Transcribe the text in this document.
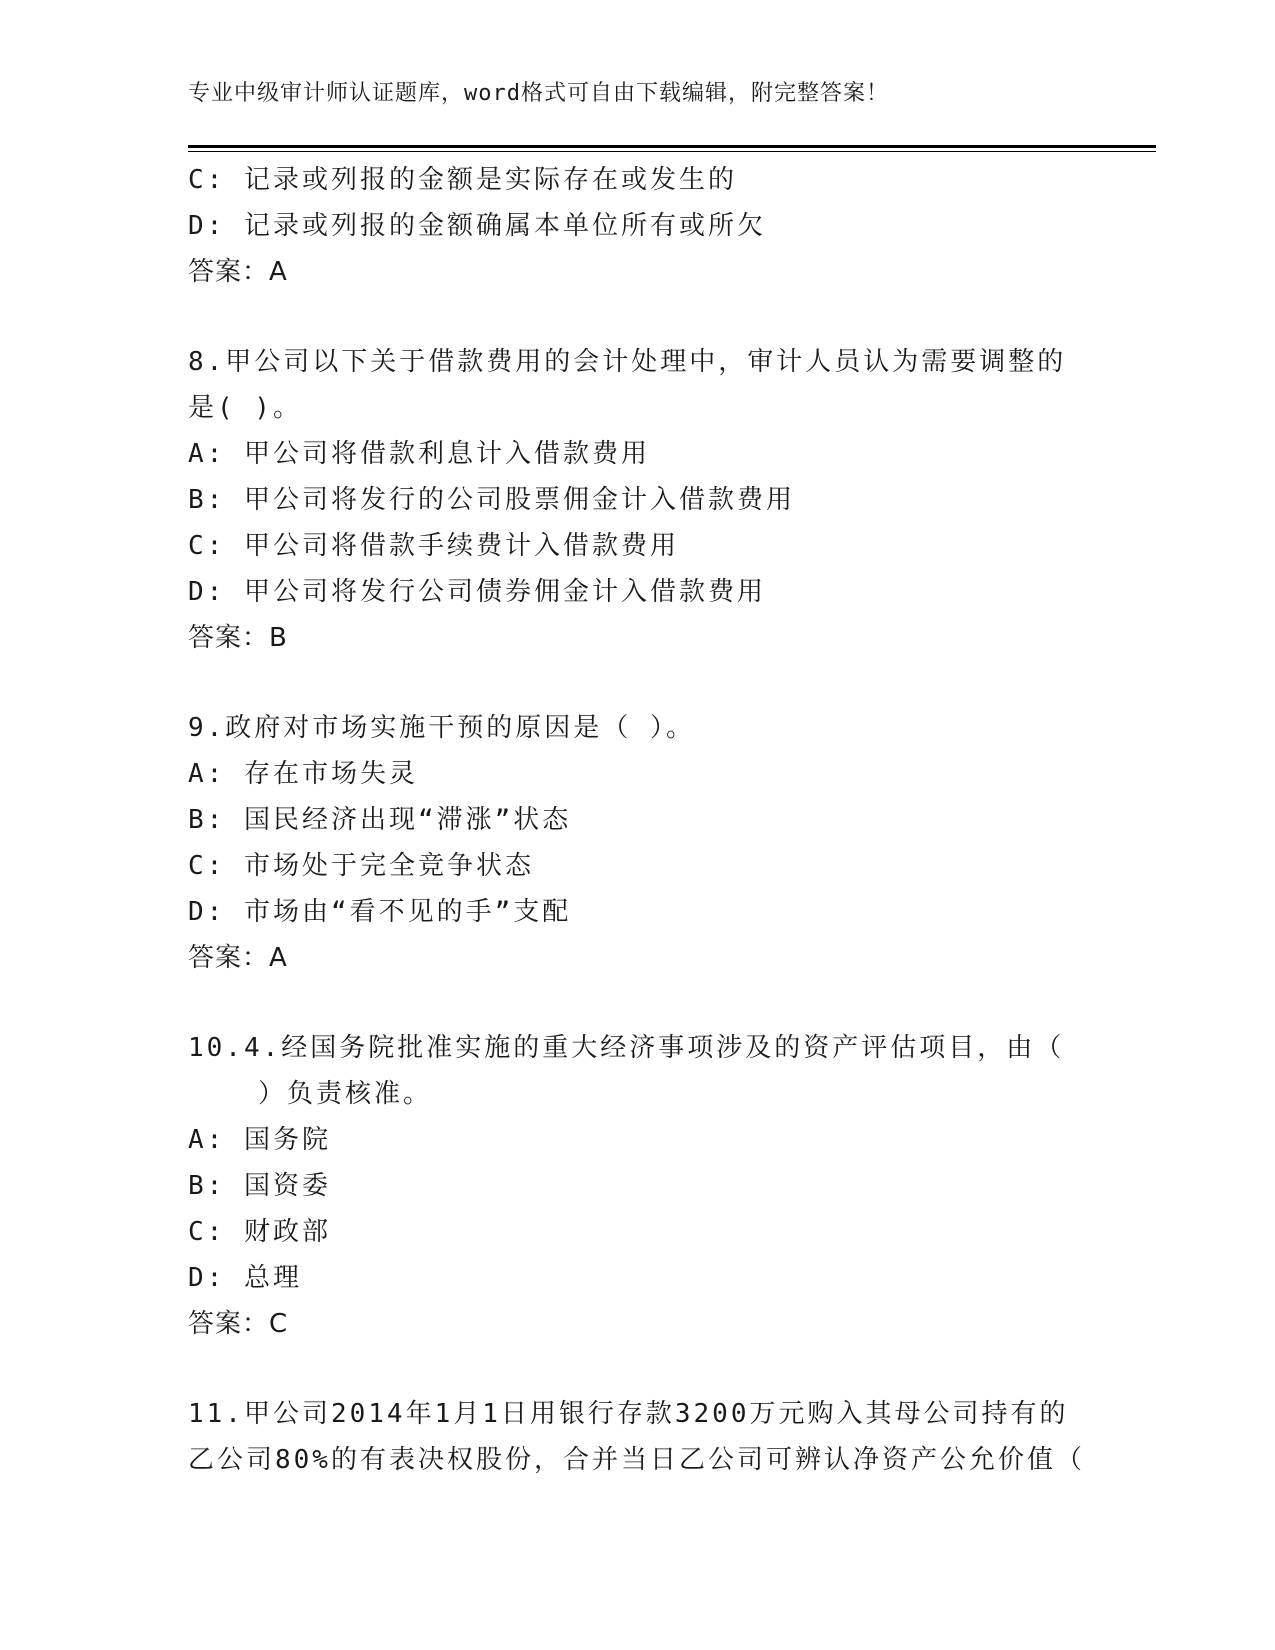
专业中级审计师认证题库，word格式可自由下载编辑，附完整答案！
C: 记录或列报的金额是实际存在或发生的
D: 记录或列报的金额确属本单位所有或所欠
答案：A
8.甲公司以下关于借款费用的会计处理中，审计人员认为需要调整的
是( )。
A: 甲公司将借款利息计入借款费用
B: 甲公司将发行的公司股票佣金计入借款费用
C: 甲公司将借款手续费计入借款费用
D: 甲公司将发行公司债券佣金计入借款费用
答案：B
9.政府对市场实施干预的原因是（ ）。
A: 存在市场失灵
B: 国民经济出现“滞涨”状态
C: 市场处于完全竞争状态
D: 市场由“看不见的手”支配
答案：A
10.4.经国务院批准实施的重大经济事项涉及的资产评估项目，由（
）负责核准。
A: 国务院
B: 国资委
C: 财政部
D: 总理
答案：C
11.甲公司2014年1月1日用银行存款3200万元购入其母公司持有的
乙公司80%的有表决权股份，合并当日乙公司可辨认净资产公允价值（
